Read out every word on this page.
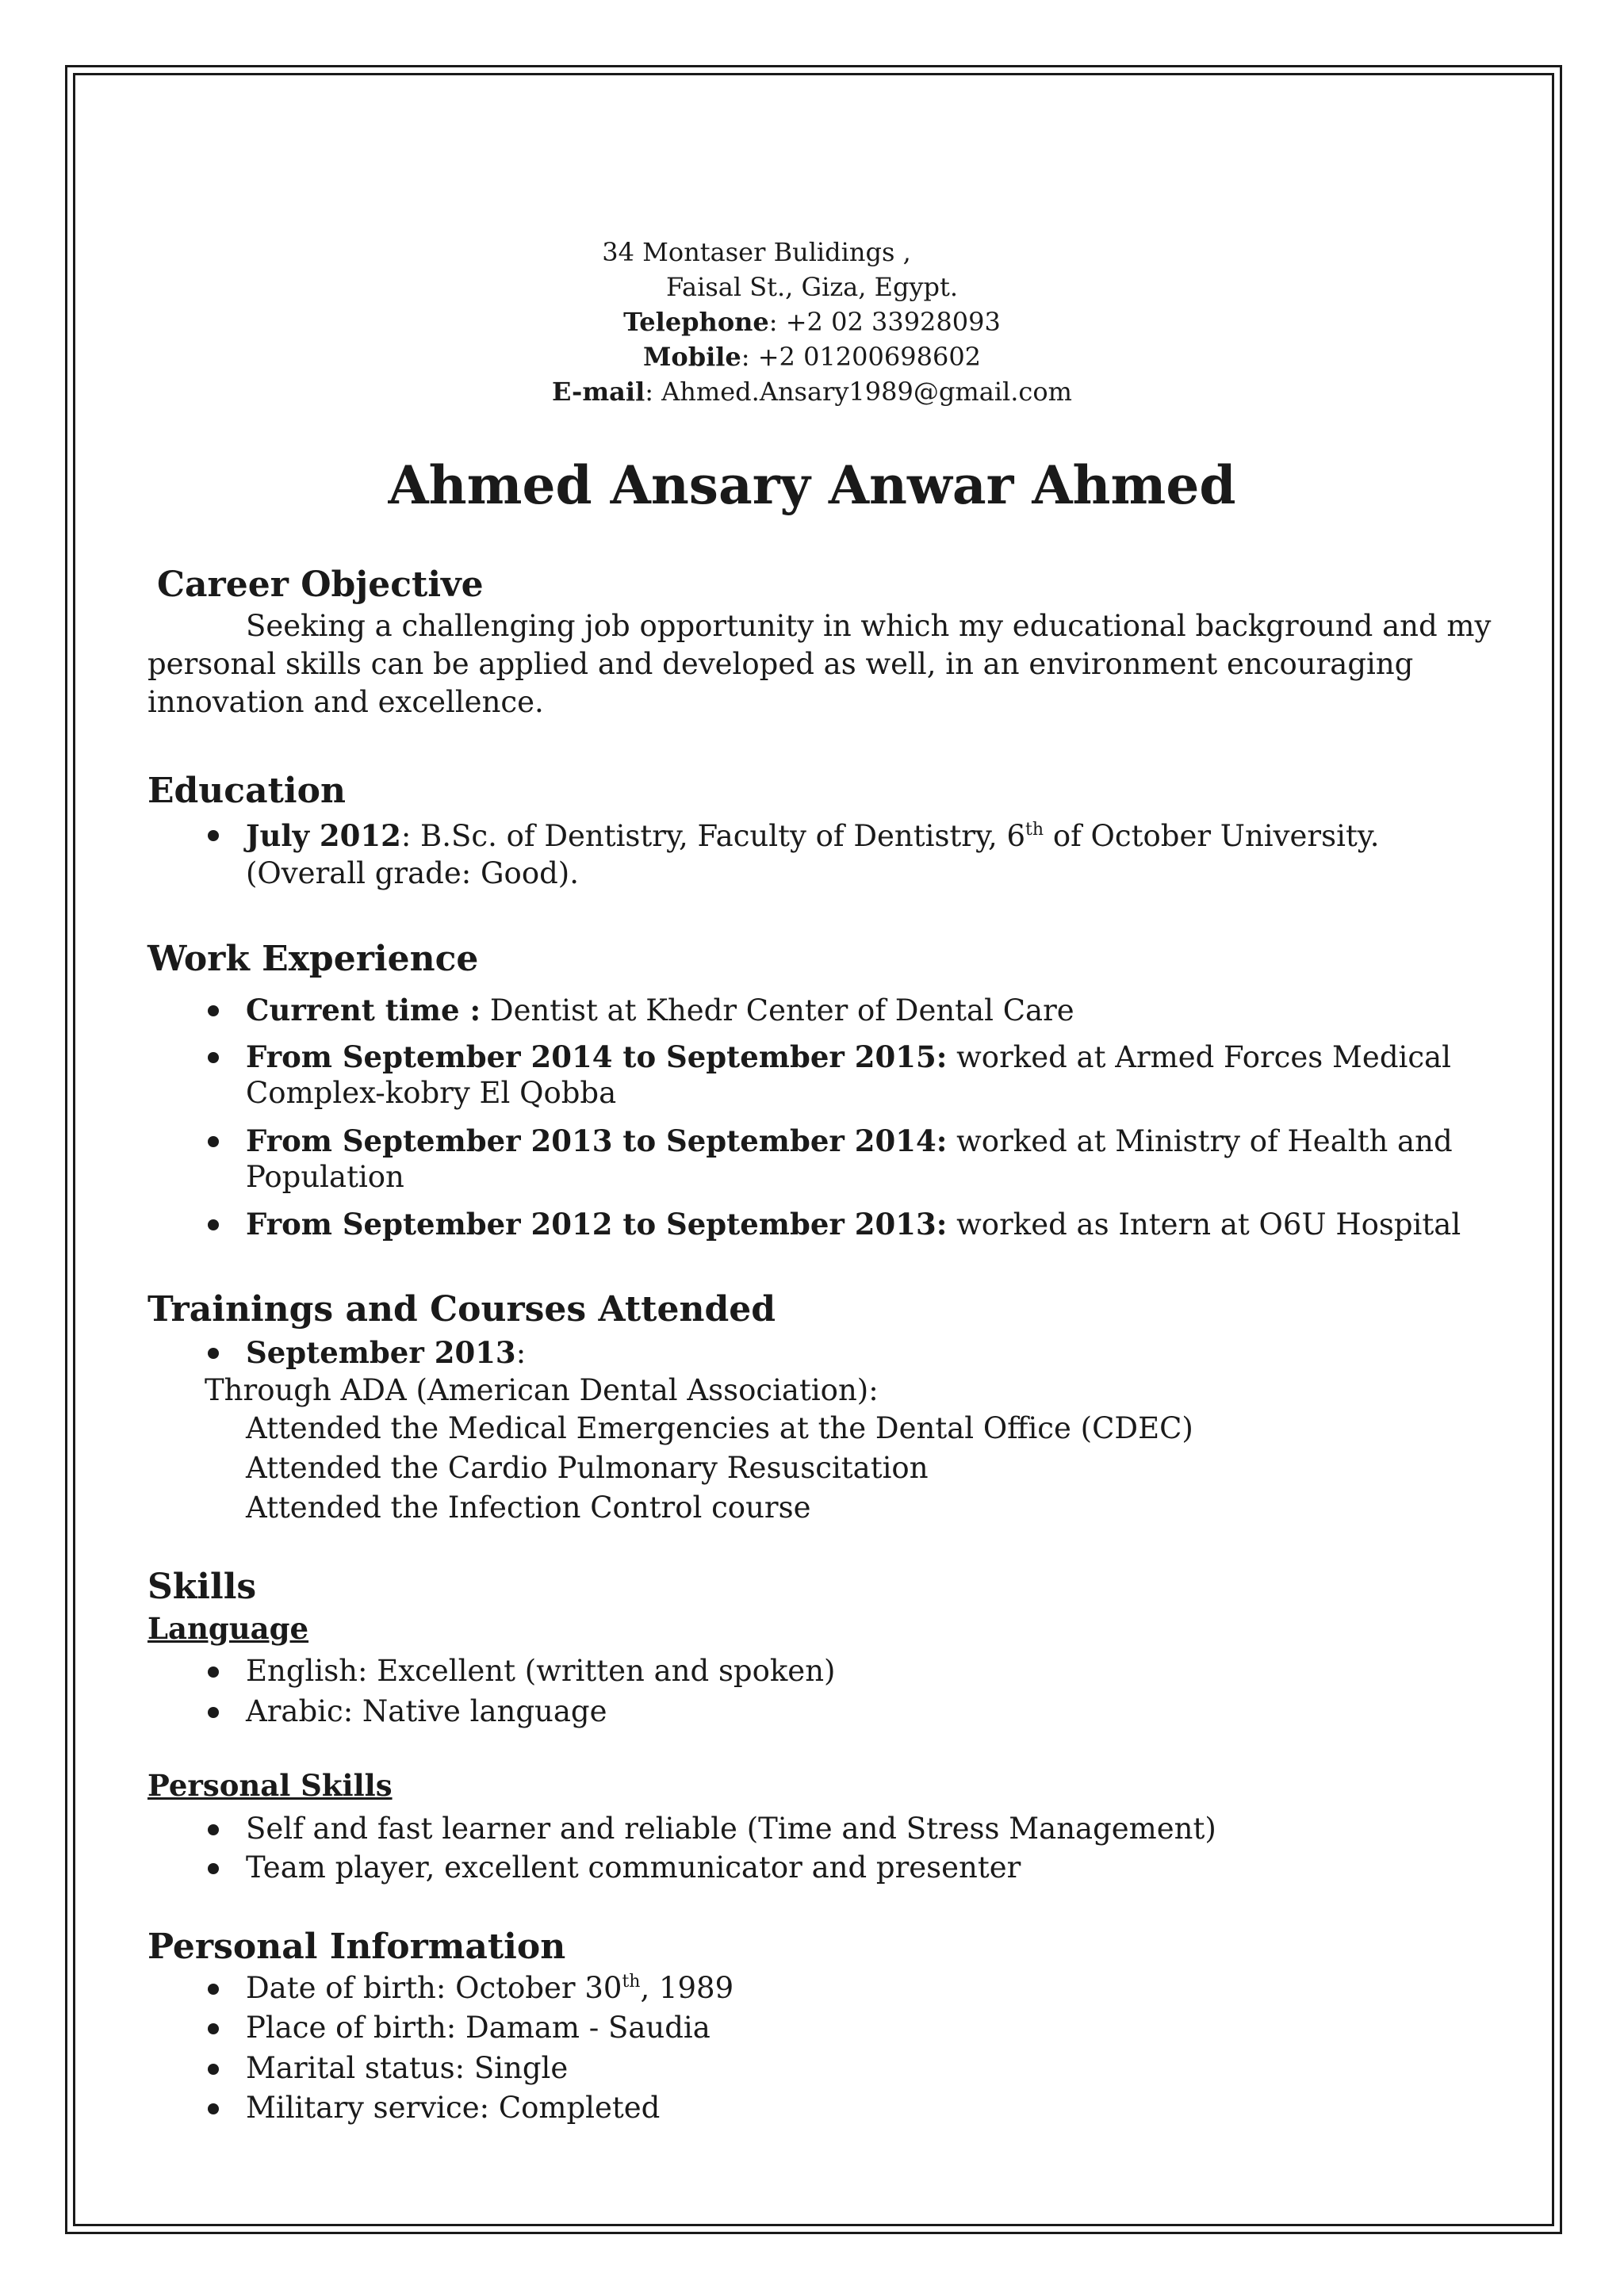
34 Montaser Bulidings ,
Faisal St., Giza, Egypt.
Telephone: +2 02 33928093
Mobile: +2 01200698602
E-mail: Ahmed.Ansary1989@gmail.com
Ahmed Ansary Anwar Ahmed
Career Objective
Seeking a challenging job opportunity in which my educational background and my
personal skills can be applied and developed as well, in an environment encouraging
innovation and excellence.
Education
July 2012: B.Sc. of Dentistry, Faculty of Dentistry, 6th of October University.
(Overall grade: Good).
Work Experience
Current time : Dentist at Khedr Center of Dental Care
From September 2014 to September 2015: worked at Armed Forces Medical
Complex-kobry El Qobba
From September 2013 to September 2014: worked at Ministry of Health and
Population
From September 2012 to September 2013: worked as Intern at O6U Hospital
Trainings and Courses Attended
September 2013:
Through ADA (American Dental Association):
Attended the Medical Emergencies at the Dental Office (CDEC)
Attended the Cardio Pulmonary Resuscitation
Attended the Infection Control course
Skills
Language
English: Excellent (written and spoken)
Arabic: Native language
Personal Skills
Self and fast learner and reliable (Time and Stress Management)
Team player, excellent communicator and presenter
Personal Information
Date of birth: October 30th, 1989
Place of birth: Damam - Saudia
Marital status: Single
Military service: Completed
